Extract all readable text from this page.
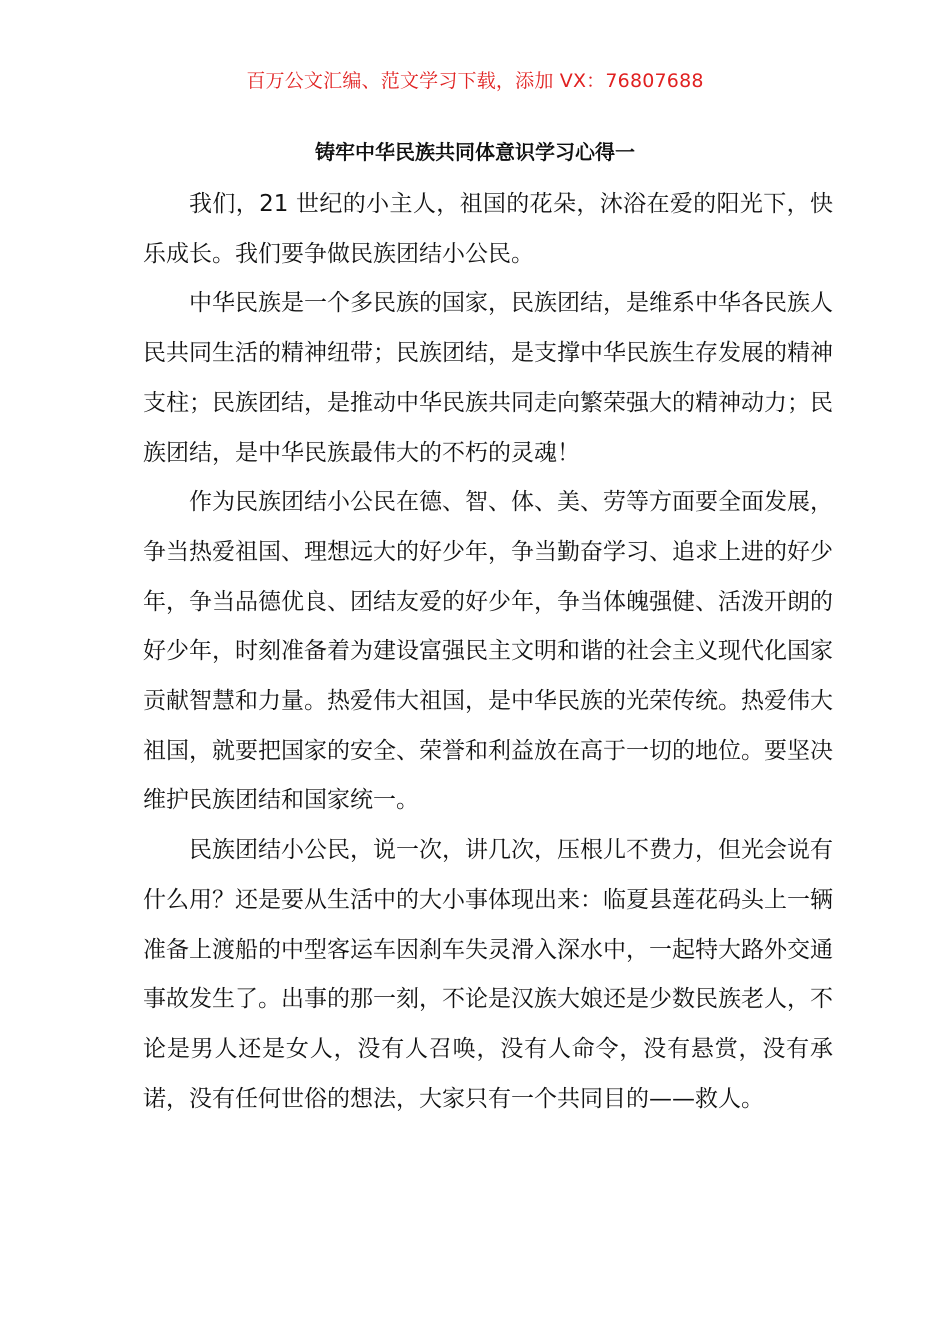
百万公文汇编、范文学习下载，添加 VX：76807688
铸牢中华民族共同体意识学习心得一

我们，21 世纪的小主人，祖国的花朵，沐浴在爱的阳光下，快乐成长。我们要争做民族团结小公民。

中华民族是一个多民族的国家，民族团结，是维系中华各民族人民共同生活的精神纽带；民族团结，是支撑中华民族生存发展的精神支柱；民族团结，是推动中华民族共同走向繁荣强大的精神动力；民族团结，是中华民族最伟大的不朽的灵魂！

作为民族团结小公民在德、智、体、美、劳等方面要全面发展，争当热爱祖国、理想远大的好少年，争当勤奋学习、追求上进的好少年，争当品德优良、团结友爱的好少年，争当体魄强健、活泼开朗的好少年，时刻准备着为建设富强民主文明和谐的社会主义现代化国家贡献智慧和力量。热爱伟大祖国，是中华民族的光荣传统。热爱伟大祖国，就要把国家的安全、荣誉和利益放在高于一切的地位。要坚决维护民族团结和国家统一。

民族团结小公民，说一次，讲几次，压根儿不费力，但光会说有什么用？还是要从生活中的大小事体现出来：临夏县莲花码头上一辆准备上渡船的中型客运车因刹车失灵滑入深水中，一起特大路外交通事故发生了。出事的那一刻，不论是汉族大娘还是少数民族老人，不论是男人还是女人，没有人召唤，没有人命令，没有悬赏，没有承诺，没有任何世俗的想法，大家只有一个共同目的——救人。
